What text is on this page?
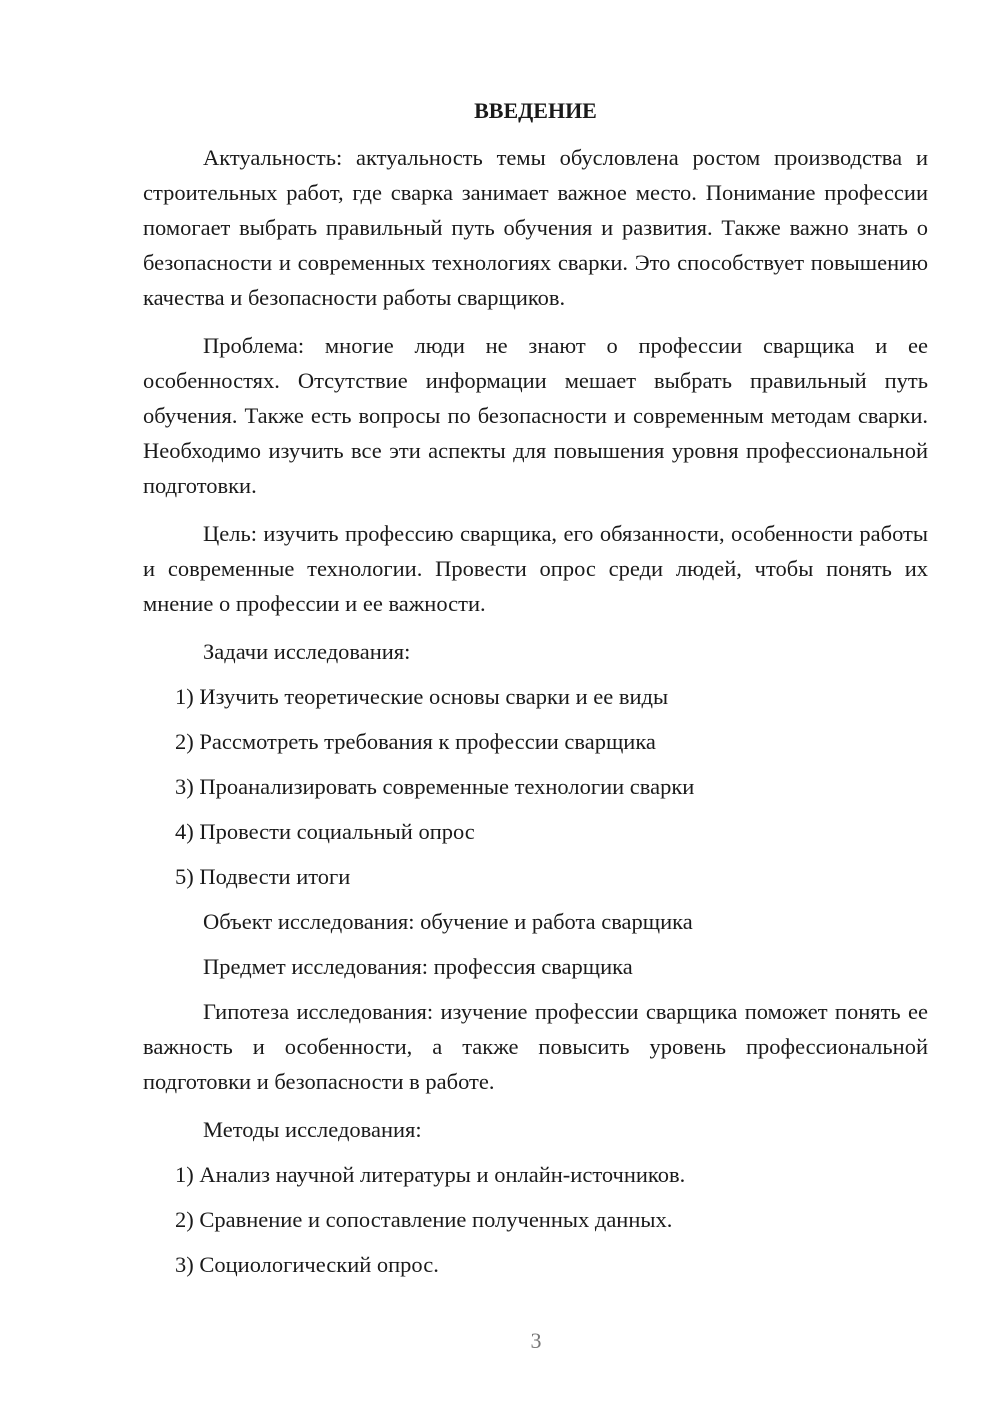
ВВЕДЕНИЕ

Актуальность: актуальность темы обусловлена ростом производства и строительных работ, где сварка занимает важное место. Понимание профессии помогает выбрать правильный путь обучения и развития. Также важно знать о безопасности и современных технологиях сварки. Это способствует повышению качества и безопасности работы сварщиков.

Проблема: многие люди не знают о профессии сварщика и ее особенностях. Отсутствие информации мешает выбрать правильный путь обучения. Также есть вопросы по безопасности и современным методам сварки. Необходимо изучить все эти аспекты для повышения уровня профессиональной подготовки.

Цель: изучить профессию сварщика, его обязанности, особенности работы и современные технологии. Провести опрос среди людей, чтобы понять их мнение о профессии и ее важности.

Задачи исследования:

1) Изучить теоретические основы сварки и ее виды
2) Рассмотреть требования к профессии сварщика
3) Проанализировать современные технологии сварки
4) Провести социальный опрос
5) Подвести итоги

Объект исследования: обучение и работа сварщика

Предмет исследования: профессия сварщика

Гипотеза исследования: изучение профессии сварщика поможет понять ее важность и особенности, а также повысить уровень профессиональной подготовки и безопасности в работе.

Методы исследования:

1) Анализ научной литературы и онлайн-источников.
2) Сравнение и сопоставление полученных данных.
3) Социологический опрос.
3
